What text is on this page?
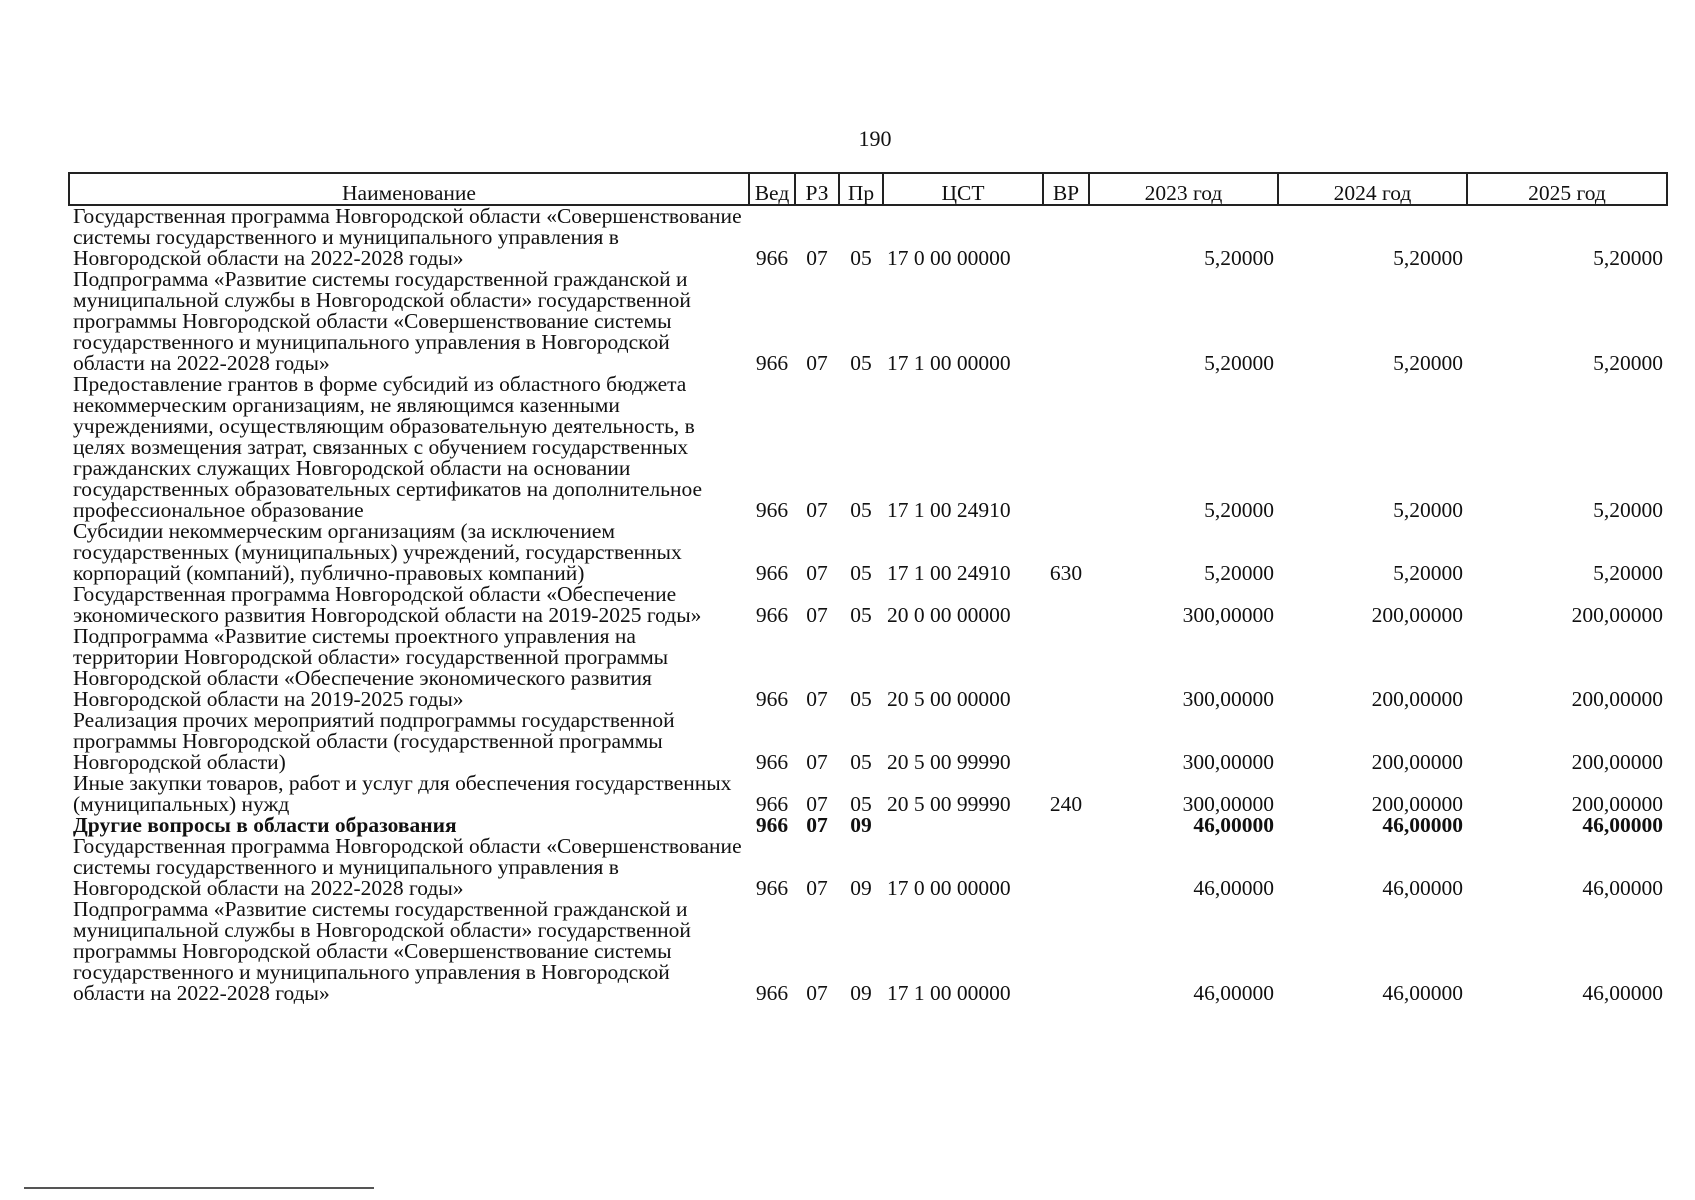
190
Наименование	Вед	РЗ	Пр	ЦСТ	ВР	2023 год	2024 год	2025 год
Государственная программа Новгородской области «Совершенствование системы государственного и муниципального управления в Новгородской области на 2022-2028 годы»	966	07	05	17 0 00 00000		5,20000	5,20000	5,20000
Подпрограмма «Развитие системы государственной гражданской и муниципальной службы в Новгородской области» государственной программы Новгородской области «Совершенствование системы государственного и муниципального управления в Новгородской области на 2022-2028 годы»	966	07	05	17 1 00 00000		5,20000	5,20000	5,20000
Предоставление грантов в форме субсидий из областного бюджета некоммерческим организациям, не являющимся казенными учреждениями, осуществляющим образовательную деятельность, в целях возмещения затрат, связанных с обучением государственных гражданских служащих Новгородской области на основании государственных образовательных сертификатов на дополнительное профессиональное образование	966	07	05	17 1 00 24910		5,20000	5,20000	5,20000
Субсидии некоммерческим организациям (за исключением государственных (муниципальных) учреждений, государственных корпораций (компаний), публично-правовых компаний)	966	07	05	17 1 00 24910	630	5,20000	5,20000	5,20000
Государственная программа Новгородской области «Обеспечение экономического развития Новгородской области на 2019-2025 годы»	966	07	05	20 0 00 00000		300,00000	200,00000	200,00000
Подпрограмма «Развитие системы проектного управления на территории Новгородской области» государственной программы Новгородской области «Обеспечение экономического развития Новгородской области на 2019-2025 годы»	966	07	05	20 5 00 00000		300,00000	200,00000	200,00000
Реализация прочих мероприятий подпрограммы государственной программы Новгородской области (государственной программы Новгородской области)	966	07	05	20 5 00 99990		300,00000	200,00000	200,00000
Иные закупки товаров, работ и услуг для обеспечения государственных (муниципальных) нужд	966	07	05	20 5 00 99990	240	300,00000	200,00000	200,00000
Другие вопросы в области образования	966	07	09			46,00000	46,00000	46,00000
Государственная программа Новгородской области «Совершенствование системы государственного и муниципального управления в Новгородской области на 2022-2028 годы»	966	07	09	17 0 00 00000		46,00000	46,00000	46,00000
Подпрограмма «Развитие системы государственной гражданской и муниципальной службы в Новгородской области» государственной программы Новгородской области «Совершенствование системы государственного и муниципального управления в Новгородской области на 2022-2028 годы»	966	07	09	17 1 00 00000		46,00000	46,00000	46,00000
